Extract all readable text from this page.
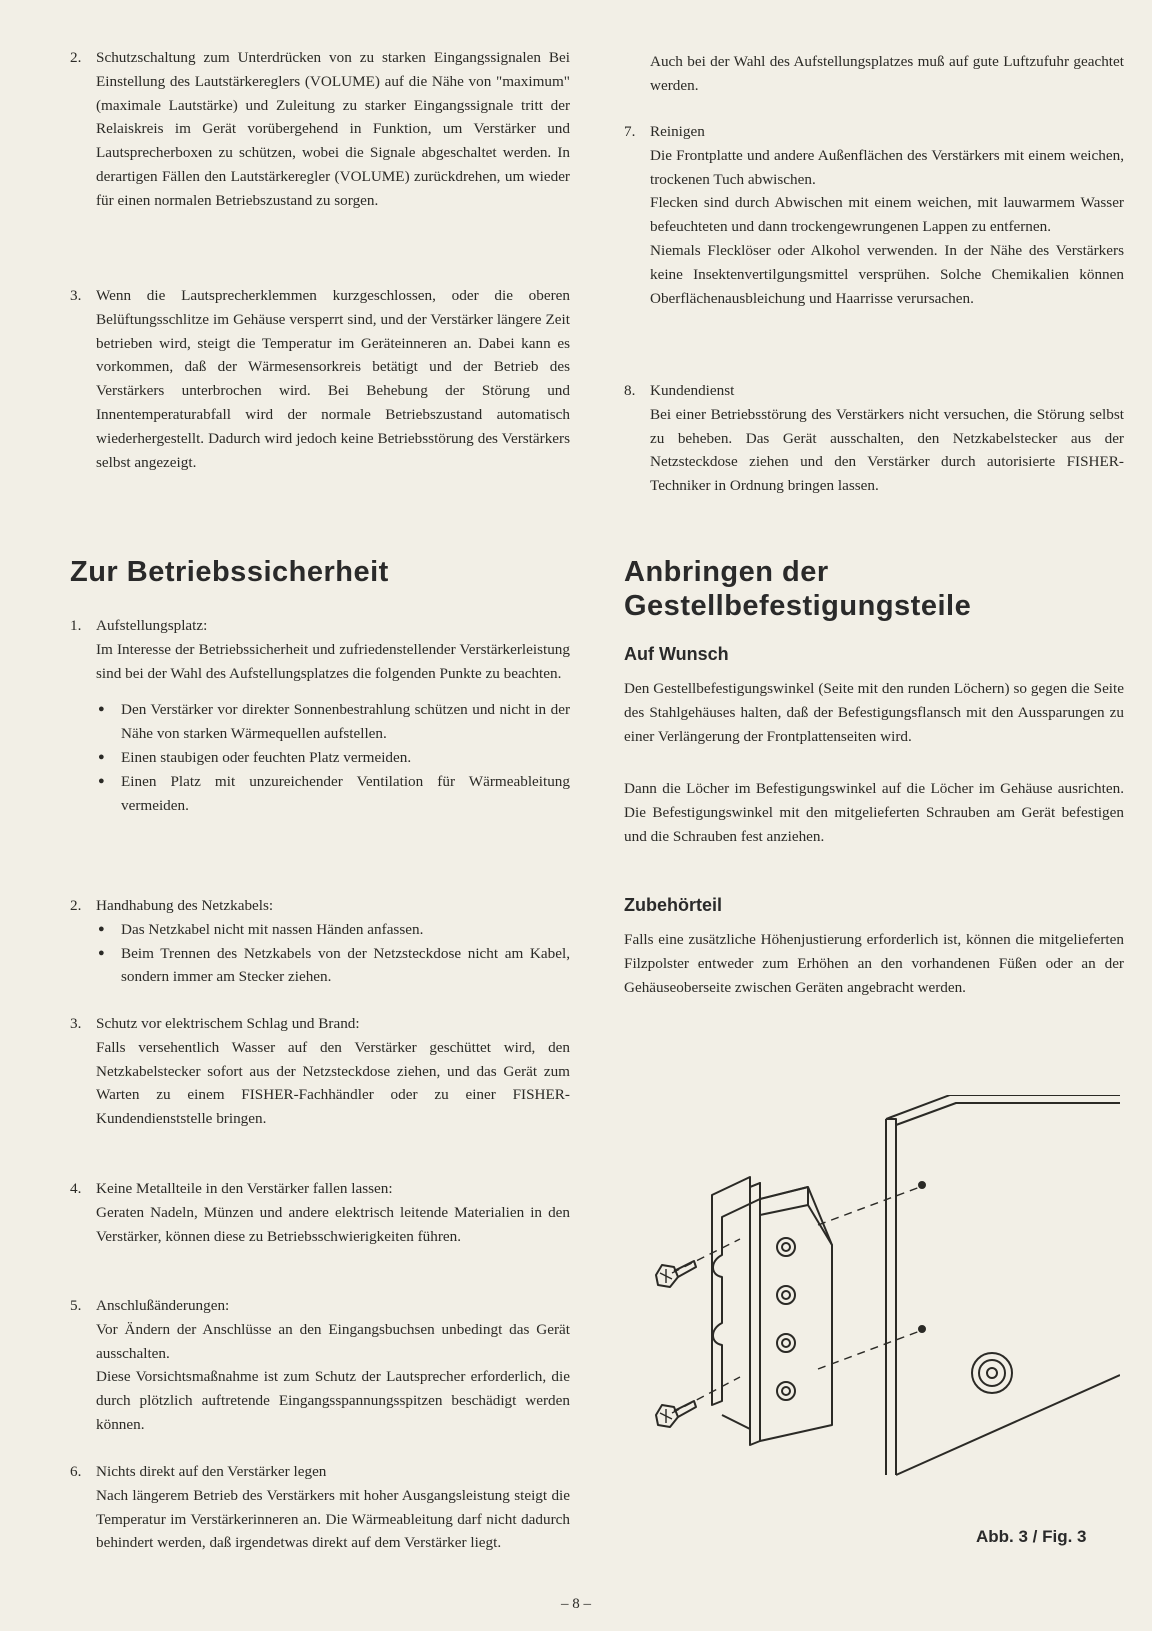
2. Schutzschaltung zum Unterdrücken von zu starken Eingangssignalen Bei Einstellung des Lautstärkereglers (VOLUME) auf die Nähe von "maximum" (maximale Lautstärke) und Zuleitung zu starker Eingangssignale tritt der Relaiskreis im Gerät vorübergehend in Funktion, um Verstärker und Lautsprecherboxen zu schützen, wobei die Signale abgeschaltet werden. In derartigen Fällen den Lautstärkeregler (VOLUME) zurückdrehen, um wieder für einen normalen Betriebszustand zu sorgen.

3. Wenn die Lautsprecherklemmen kurzgeschlossen, oder die oberen Belüftungsschlitze im Gehäuse versperrt sind, und der Verstärker längere Zeit betrieben wird, steigt die Temperatur im Geräteinneren an. Dabei kann es vorkommen, daß der Wärmesensorkreis betätigt und der Betrieb des Verstärkers unterbrochen wird. Bei Behebung der Störung und Innentemperaturabfall wird der normale Betriebszustand automatisch wiederhergestellt. Dadurch wird jedoch keine Betriebsstörung des Verstärkers selbst angezeigt.

Zur Betriebssicherheit
1. Aufstellungsplatz:

Im Interesse der Betriebssicherheit und zufriedenstellender Verstärkerleistung sind bei der Wahl des Aufstellungsplatzes die folgenden Punkte zu beachten.

● Den Verstärker vor direkter Sonnenbestrahlung schützen und nicht in der Nähe von starken Wärmequellen aufstellen.
● Einen staubigen oder feuchten Platz vermeiden.
● Einen Platz mit unzureichender Ventilation für Wärmeableitung vermeiden.
2. Handhabung des Netzkabels:

● Das Netzkabel nicht mit nassen Händen anfassen.
● Beim Trennen des Netzkabels von der Netzsteckdose nicht am Kabel, sondern immer am Stecker ziehen.
3. Schutz vor elektrischem Schlag und Brand:

Falls versehentlich Wasser auf den Verstärker geschüttet wird, den Netzkabelstecker sofort aus der Netzsteckdose ziehen, und das Gerät zum Warten zu einem FISHER-Fachhändler oder zu einer FISHER-Kundendienststelle bringen.

4. Keine Metallteile in den Verstärker fallen lassen:

Geraten Nadeln, Münzen und andere elektrisch leitende Materialien in den Verstärker, können diese zu Betriebsschwierigkeiten führen.

5. Anschlußänderungen:

Vor Ändern der Anschlüsse an den Eingangsbuchsen unbedingt das Gerät ausschalten.

Diese Vorsichtsmaßnahme ist zum Schutz der Lautsprecher erforderlich, die durch plötzlich auftretende Eingangsspannungsspitzen beschädigt werden können.

6. Nichts direkt auf den Verstärker legen

Nach längerem Betrieb des Verstärkers mit hoher Ausgangsleistung steigt die Temperatur im Verstärkerinneren an. Die Wärmeableitung darf nicht dadurch behindert werden, daß irgendetwas direkt auf dem Verstärker liegt.

Auch bei der Wahl des Aufstellungsplatzes muß auf gute Luftzufuhr geachtet werden.

7. Reinigen

Die Frontplatte und andere Außenflächen des Verstärkers mit einem weichen, trockenen Tuch abwischen.

Flecken sind durch Abwischen mit einem weichen, mit lauwarmem Wasser befeuchteten und dann trockengewrungenen Lappen zu entfernen.

Niemals Flecklöser oder Alkohol verwenden. In der Nähe des Verstärkers keine Insektenvertilgungsmittel versprühen. Solche Chemikalien können Oberflächenausbleichung und Haarrisse verursachen.

8. Kundendienst

Bei einer Betriebsstörung des Verstärkers nicht versuchen, die Störung selbst zu beheben. Das Gerät ausschalten, den Netzkabelstecker aus der Netzsteckdose ziehen und den Verstärker durch autorisierte FISHER-Techniker in Ordnung bringen lassen.

Anbringen der
Gestellbefestigungsteile
Auf Wunsch
Den Gestellbefestigungswinkel (Seite mit den runden Löchern) so gegen die Seite des Stahlgehäuses halten, daß der Befestigungsflansch mit den Aussparungen zu einer Verlängerung der Frontplattenseiten wird.
Dann die Löcher im Befestigungswinkel auf die Löcher im Gehäuse ausrichten. Die Befestigungswinkel mit den mitgelieferten Schrauben am Gerät befestigen und die Schrauben fest anziehen.
Zubehörteil
Falls eine zusätzliche Höhenjustierung erforderlich ist, können die mitgelieferten Filzpolster entweder zum Erhöhen an den vorhandenen Füßen oder an der Gehäuseoberseite zwischen Geräten angebracht werden.
Abb. 3 / Fig. 3
– 8 –
